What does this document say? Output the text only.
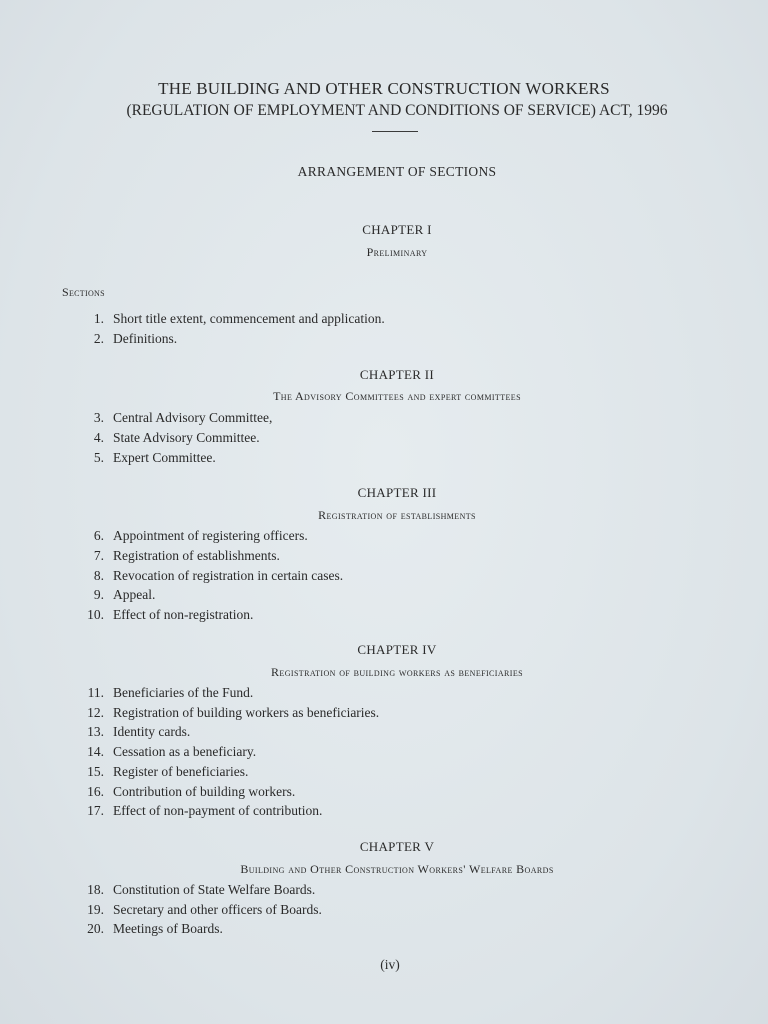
THE BUILDING AND OTHER CONSTRUCTION WORKERS
(REGULATION OF EMPLOYMENT AND CONDITIONS OF SERVICE) ACT, 1996
ARRANGEMENT OF SECTIONS
CHAPTER I
Preliminary
Sections
1. Short title extent, commencement and application.
2. Definitions.
CHAPTER II
The Advisory Committees and expert committees
3. Central Advisory Committee,
4. State Advisory Committee.
5. Expert Committee.
CHAPTER III
Registration of establishments
6. Appointment of registering officers.
7. Registration of establishments.
8. Revocation of registration in certain cases.
9. Appeal.
10. Effect of non-registration.
CHAPTER IV
Registration of building workers as beneficiaries
11. Beneficiaries of the Fund.
12. Registration of building workers as beneficiaries.
13. Identity cards.
14. Cessation as a beneficiary.
15. Register of beneficiaries.
16. Contribution of building workers.
17. Effect of non-payment of contribution.
CHAPTER V
Building and Other Construction Workers' Welfare Boards
18. Constitution of State Welfare Boards.
19. Secretary and other officers of Boards.
20. Meetings of Boards.
(iv)
